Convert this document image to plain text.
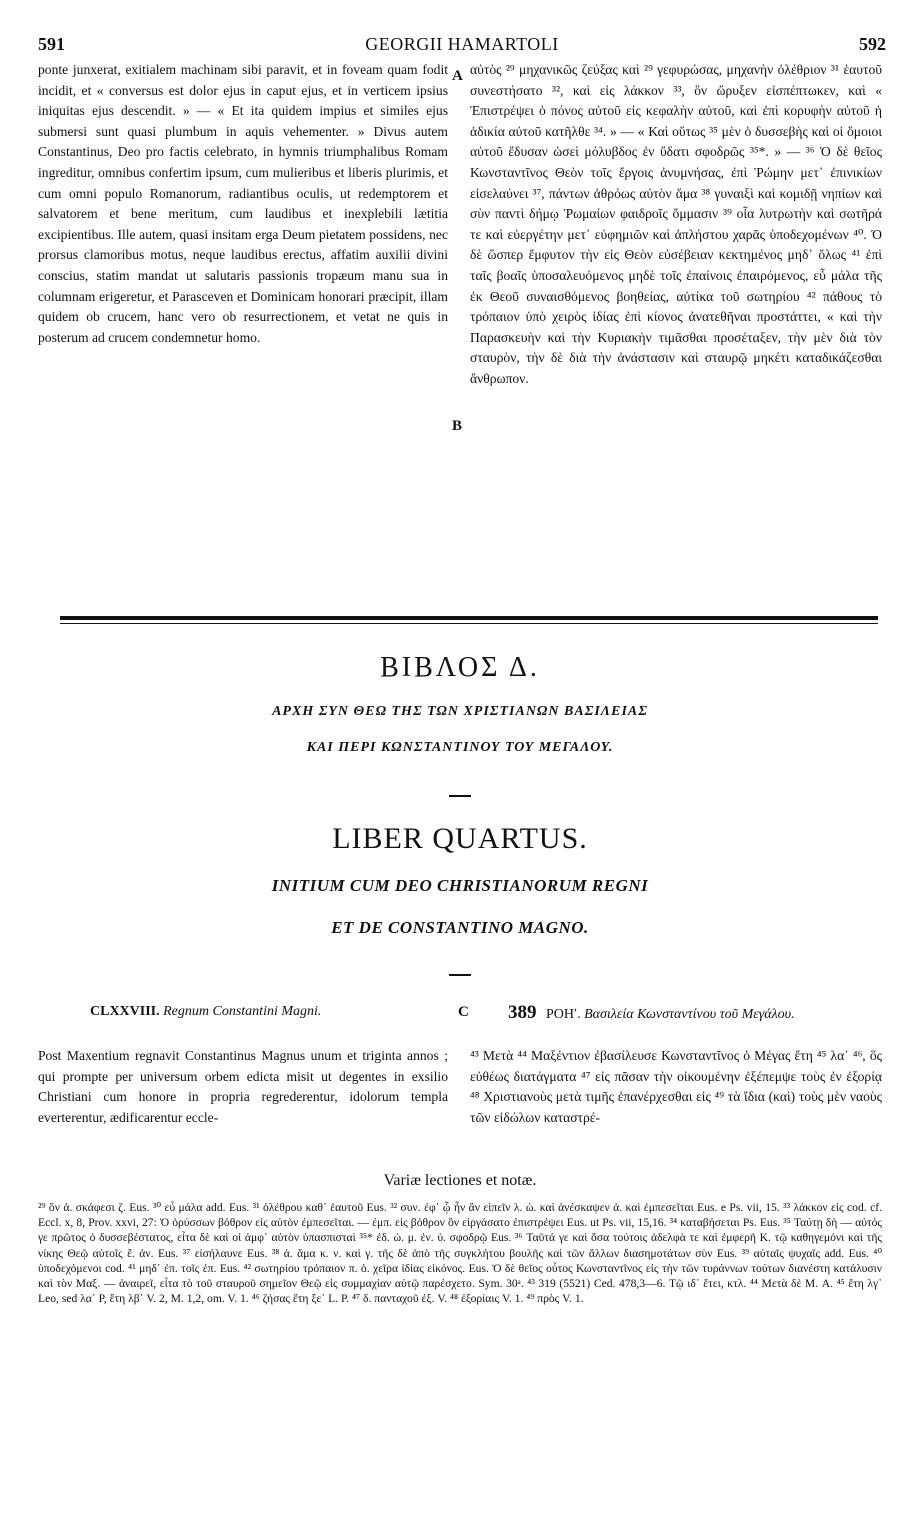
591	GEORGII HAMARTOLI	592

ponte junxerat, exitialem machinam sibi paravit, et in foveam quam fodit incidit, et « conversus est dolor ejus in caput ejus, et in verticem ipsius iniquitas ejus descendit. » — « Et ita quidem impius et similes ejus submersi sunt quasi plumbum in aquis vehementer. » Divus autem Constantinus, Deo pro factis celebrato, in hymnis triumphalibus Romam ingreditur, omnibus confertim ipsum, cum mulieribus et liberis plurimis, et cum omni populo Romanorum, radiantibus oculis, ut redemptorem et salvatorem et bene meritum, cum laudibus et inexplebili lætitia excipientibus. Ille autem, quasi insitam erga Deum pietatem possidens, nec prorsus clamoribus motus, neque laudibus erectus, affatim auxilii divini conscius, statim mandat ut salutaris passionis tropæum manu sua in columnam erigeretur, et Parasceven et Dominicam honorari præcipit, illam quidem ob crucem, hanc vero ob resurrectionem, et vetat ne quis in posterum ad crucem condemnetur homo.

A
B

αὐτὸς ²⁹ μηχανικῶς ζεύξας καὶ ²⁹ γεφυρώσας, μηχανὴν ὀλέθριον ³¹ ἑαυτοῦ συνεστήσατο ³², καὶ εἰς λάκκον ³³, ὃν ὤρυξεν εἰσπέπτωκεν, καὶ « Ἐπιστρέψει ὁ πόνος αὐτοῦ εἰς κεφαλὴν αὐτοῦ, καὶ ἐπὶ κορυφὴν αὐτοῦ ἡ ἀδικία αὐτοῦ κατῆλθε ³⁴. » — « Καὶ οὕτως ³⁵ μὲν ὁ δυσσεβὴς καὶ οἱ ὅμοιοι αὐτοῦ ἔδυσαν ὡσεὶ μόλυβδος ἐν ὕδατι σφοδρῶς ³⁵*. » — ³⁶ Ὁ δὲ θεῖος Κωνσταντῖνος Θεὸν τοῖς ἔργοις ἀνυμνήσας, ἐπὶ Ῥώμην μετ᾽ ἐπινικίων εἰσελαύνει ³⁷, πάντων ἀθρόως αὐτὸν ἅμα ³⁸ γυναιξὶ καὶ κομιδῇ νηπίων καὶ σὺν παντὶ δήμῳ Ῥωμαίων φαιδροῖς ὄμμασιν ³⁹ οἷα λυτρωτὴν καὶ σωτῆρά τε καὶ εὐεργέτην μετ᾽ εὐφημιῶν καὶ ἀπλήστου χαρᾶς ὑποδεχομένων ⁴⁰. Ὁ δὲ ὥσπερ ἔμφυτον τὴν εἰς Θεὸν εὐσέβειαν κεκτημένος μηδ᾽ ὅλως ⁴¹ ἐπὶ ταῖς βοαῖς ὑποσαλευόμενος μηδὲ τοῖς ἐπαίνοις ἐπαιρόμενος, εὖ μάλα τῆς ἐκ Θεοῦ συναισθόμενος βοηθείας, αὐτίκα τοῦ σωτηρίου ⁴² πάθους τὸ τρόπαιον ὑπὸ χειρὸς ἰδίας ἐπὶ κίονος ἀνατεθῆναι προστάττει, « καὶ τὴν Παρασκευὴν καὶ τὴν Κυριακὴν τιμᾶσθαι προσέταξεν, τὴν μὲν διὰ τὸν σταυρὸν, τὴν δὲ διὰ τὴν ἀνάστασιν καὶ σταυρῷ μηκέτι καταδικάζεσθαι ἄνθρωπον.

ΒΙΒΛΟΣ Δ.
ΑΡΧΗ ΣΥΝ ΘΕΩ ΤΗΣ ΤΩΝ ΧΡΙΣΤΙΑΝΩΝ ΒΑΣΙΛΕΙΑΣ
ΚΑΙ ΠΕΡΙ ΚΩΝΣΤΑΝΤΙΝΟΥ ΤΟΥ ΜΕΓΑΛΟΥ.
LIBER QUARTUS.
INITIUM CUM DEO CHRISTIANORUM REGNI
ET DE CONSTANTINO MAGNO.
CLXXVIII. Regnum Constantini Magni.	C 389 ΡΟΗʹ. Βασιλεία Κωνσταντίνου τοῦ Μεγάλου.

Post Maxentium regnavit Constantinus Magnus unum et triginta annos ; qui prompte per universum orbem edicta misit ut degentes in exsilio Christiani cum honore in propria regrederentur, idolorum templa everterentur, ædificarentur eccle-

⁴³ Μετὰ ⁴⁴ Μαξέντιον ἐβασίλευσε Κωνσταντῖνος ὁ Μέγας ἔτη ⁴⁵ λα᾽ ⁴⁶, ὃς εὐθέως διατάγματα ⁴⁷ εἰς πᾶσαν τὴν οἰκουμένην ἐξέπεμψε τοὺς ἐν ἐξορίᾳ ⁴⁸ Χριστιανοὺς μετὰ τιμῆς ἐπανέρχεσθαι εἰς ⁴⁹ τὰ ἴδια (καὶ) τοὺς μὲν ναοὺς τῶν εἰδώλων καταστρέ-

Variæ lectiones et notæ.

²⁹ ὃν ἀ. σκάφεσι ζ. Eus. ³⁰ εὖ μάλα add. Eus. ³¹ ὀλέθρου καθ᾽ ἑαυτοῦ Eus. ³² συν. ἐφ᾽ ᾧ ἦν ἂν εἰπεῖν λ. ὠ. καὶ ἀνέσκαψεν ἀ. καὶ ἐμπεσεῖται Eus. e Ps. vii, 15. ³³ λάκκον εἰς cod. cf. Eccl. x, 8, Prov. xxvi, 27: Ὁ ὀρύσσων βόθρον εἰς αὐτὸν ἐμπεσεῖται. — ἐμπ. εἰς βόθρον ὃν εἰργάσατο ἐπιστρέψει Eus. ut Ps. vii, 15,16. ³⁴ καταβήσεται Ps. Eus. ³⁵ Ταύτῃ δὴ — αὐτός γε πρῶτος ὁ δυσσεβέστατος, εἶτα δὲ καὶ οἱ ἀμφ᾽ αὐτὸν ὑπασπισταὶ ³⁵* ἐδ. ὡ. μ. ἐν. ὑ. σφοδρῷ Eus. ³⁶ Ταῦτά γε καὶ ὅσα τούτοις ἀδελφὰ τε καὶ ἐμφερῆ Κ. τῷ καθηγεμόνι καὶ τῆς νίκης Θεῷ αὐτοῖς ἔ. ἀν. Eus. ³⁷ εἰσήλαυνε Eus. ³⁸ ἀ. ἅμα κ. ν. καὶ γ. τῆς δὲ ἀπὸ τῆς συγκλήτου βουλῆς καὶ τῶν ἄλλων διασημοτάτων σὺν Eus. ³⁹ αὐταῖς ψυχαῖς add. Eus. ⁴⁰ ὑποδεχόμενοι cod. ⁴¹ μηδ᾽ ἐπ. τοῖς ἐπ. Eus. ⁴² σωτηρίου τρόπαιον π. ὁ. χεῖρα ἰδίας εἰκόνος. Eus. Ὁ δὲ θεῖος οὗτος Κωνσταντῖνος εἰς τὴν τῶν τυράννων τούτων διανέστη κατάλυσιν καὶ τὸν Μαξ. — ἀναιρεῖ, εἶτα τὸ τοῦ σταυροῦ σημεῖον Θεῷ εἰς συμμαχίαν αὐτῷ παρέσχετο. Sym. 30ᵃ. ⁴³ 319 (5521) Ced. 478,3—6. Τῷ ιδ᾽ ἔτει, κτλ. ⁴⁴ Μετὰ δὲ Μ. A. ⁴⁵ ἔτη λγ᾽ Leo, sed λα᾽ P, ἔτη λβ᾽ V. 2, M. 1,2, om. V. 1. ⁴⁶ ζήσας ἔτη ξε᾽ L. P. ⁴⁷ δ. πανταχοῦ ἐξ. V. ⁴⁸ ἐξορίαις V. 1. ⁴⁹ πρὸς V. 1.
